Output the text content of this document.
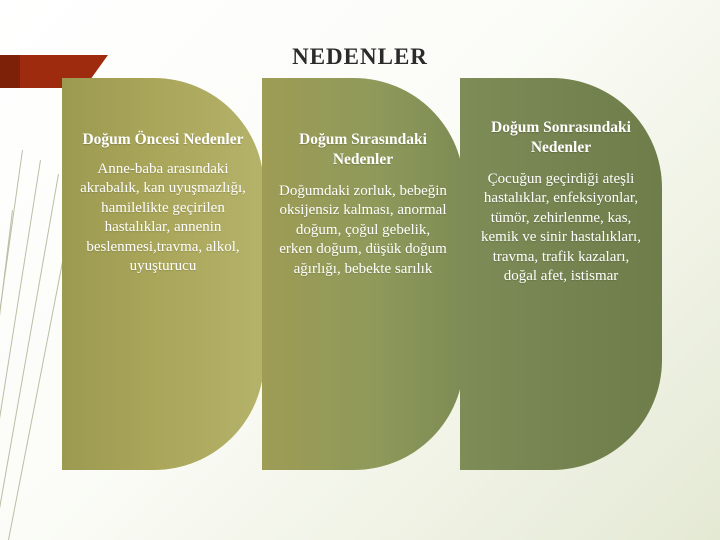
NEDENLER
Doğum Öncesi Nedenler
Anne-baba arasındaki akrabalık, kan uyuşmazlığı, hamilelikte geçirilen hastalıklar, annenin beslenmesi,travma, alkol, uyuşturucu
Doğum Sırasındaki Nedenler
Doğumdaki zorluk, bebeğin oksijensiz kalması, anormal doğum, çoğul gebelik, erken doğum, düşük doğum ağırlığı, bebekte sarılık
Doğum Sonrasındaki Nedenler
Çocuğun geçirdiği ateşli hastalıklar, enfeksiyonlar, tümör, zehirlenme, kas, kemik ve sinir hastalıkları, travma, trafik kazaları, doğal afet, istismar
